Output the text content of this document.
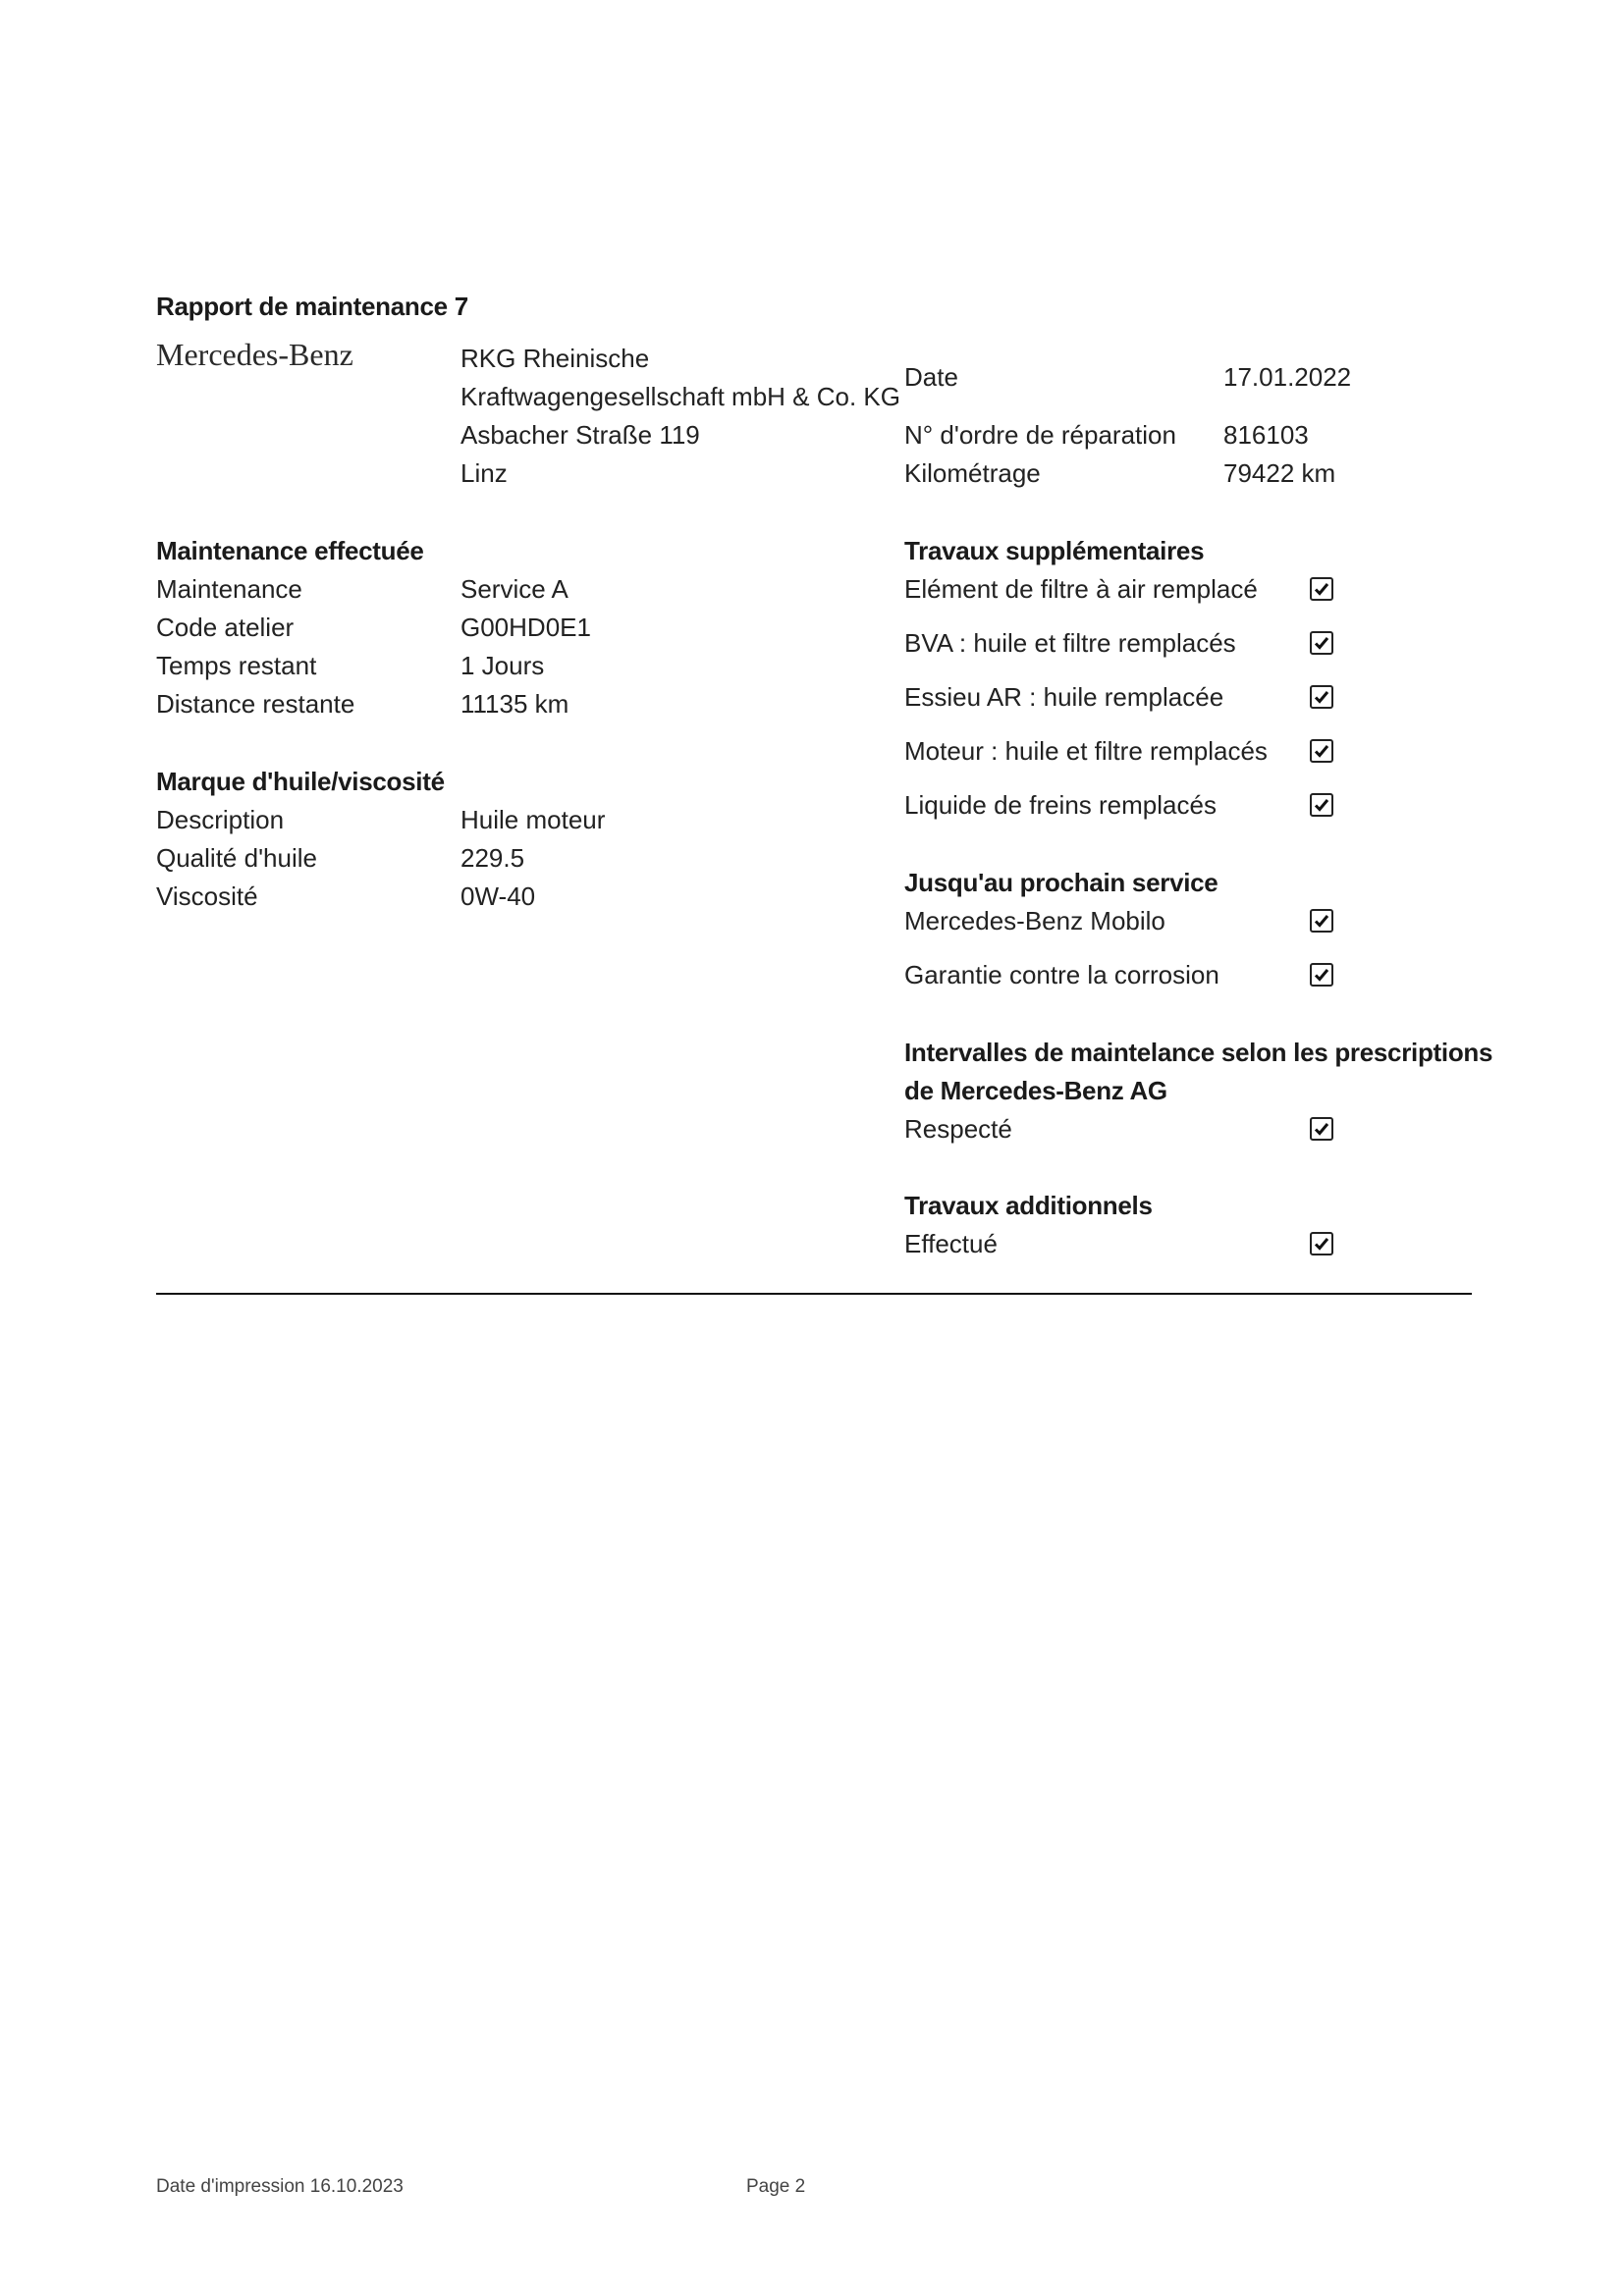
Rapport de maintenance 7
Mercedes-Benz	RKG Rheinische
Kraftwagengesellschaft mbH & Co. KG
Asbacher Straße 119
Linz
Date	17.01.2022
N° d'ordre de réparation 816103
Kilométrage	79422 km
Maintenance effectuée
Maintenance	Service A
Code atelier	G00HD0E1
Temps restant	1 Jours
Distance restante	11135 km
Marque d'huile/viscosité
Description	Huile moteur
Qualité d'huile	229.5
Viscosité	0W-40
Travaux supplémentaires
Elément de filtre à air remplacé
BVA : huile et filtre remplacés
Essieu AR : huile remplacée
Moteur : huile et filtre remplacés
Liquide de freins remplacés
Jusqu'au prochain service
Mercedes-Benz Mobilo
Garantie contre la corrosion
Intervalles de maintelance selon les prescriptions
de Mercedes-Benz AG
Respecté
Travaux additionnels
Effectué
Date d'impression 16.10.2023	Page 2
